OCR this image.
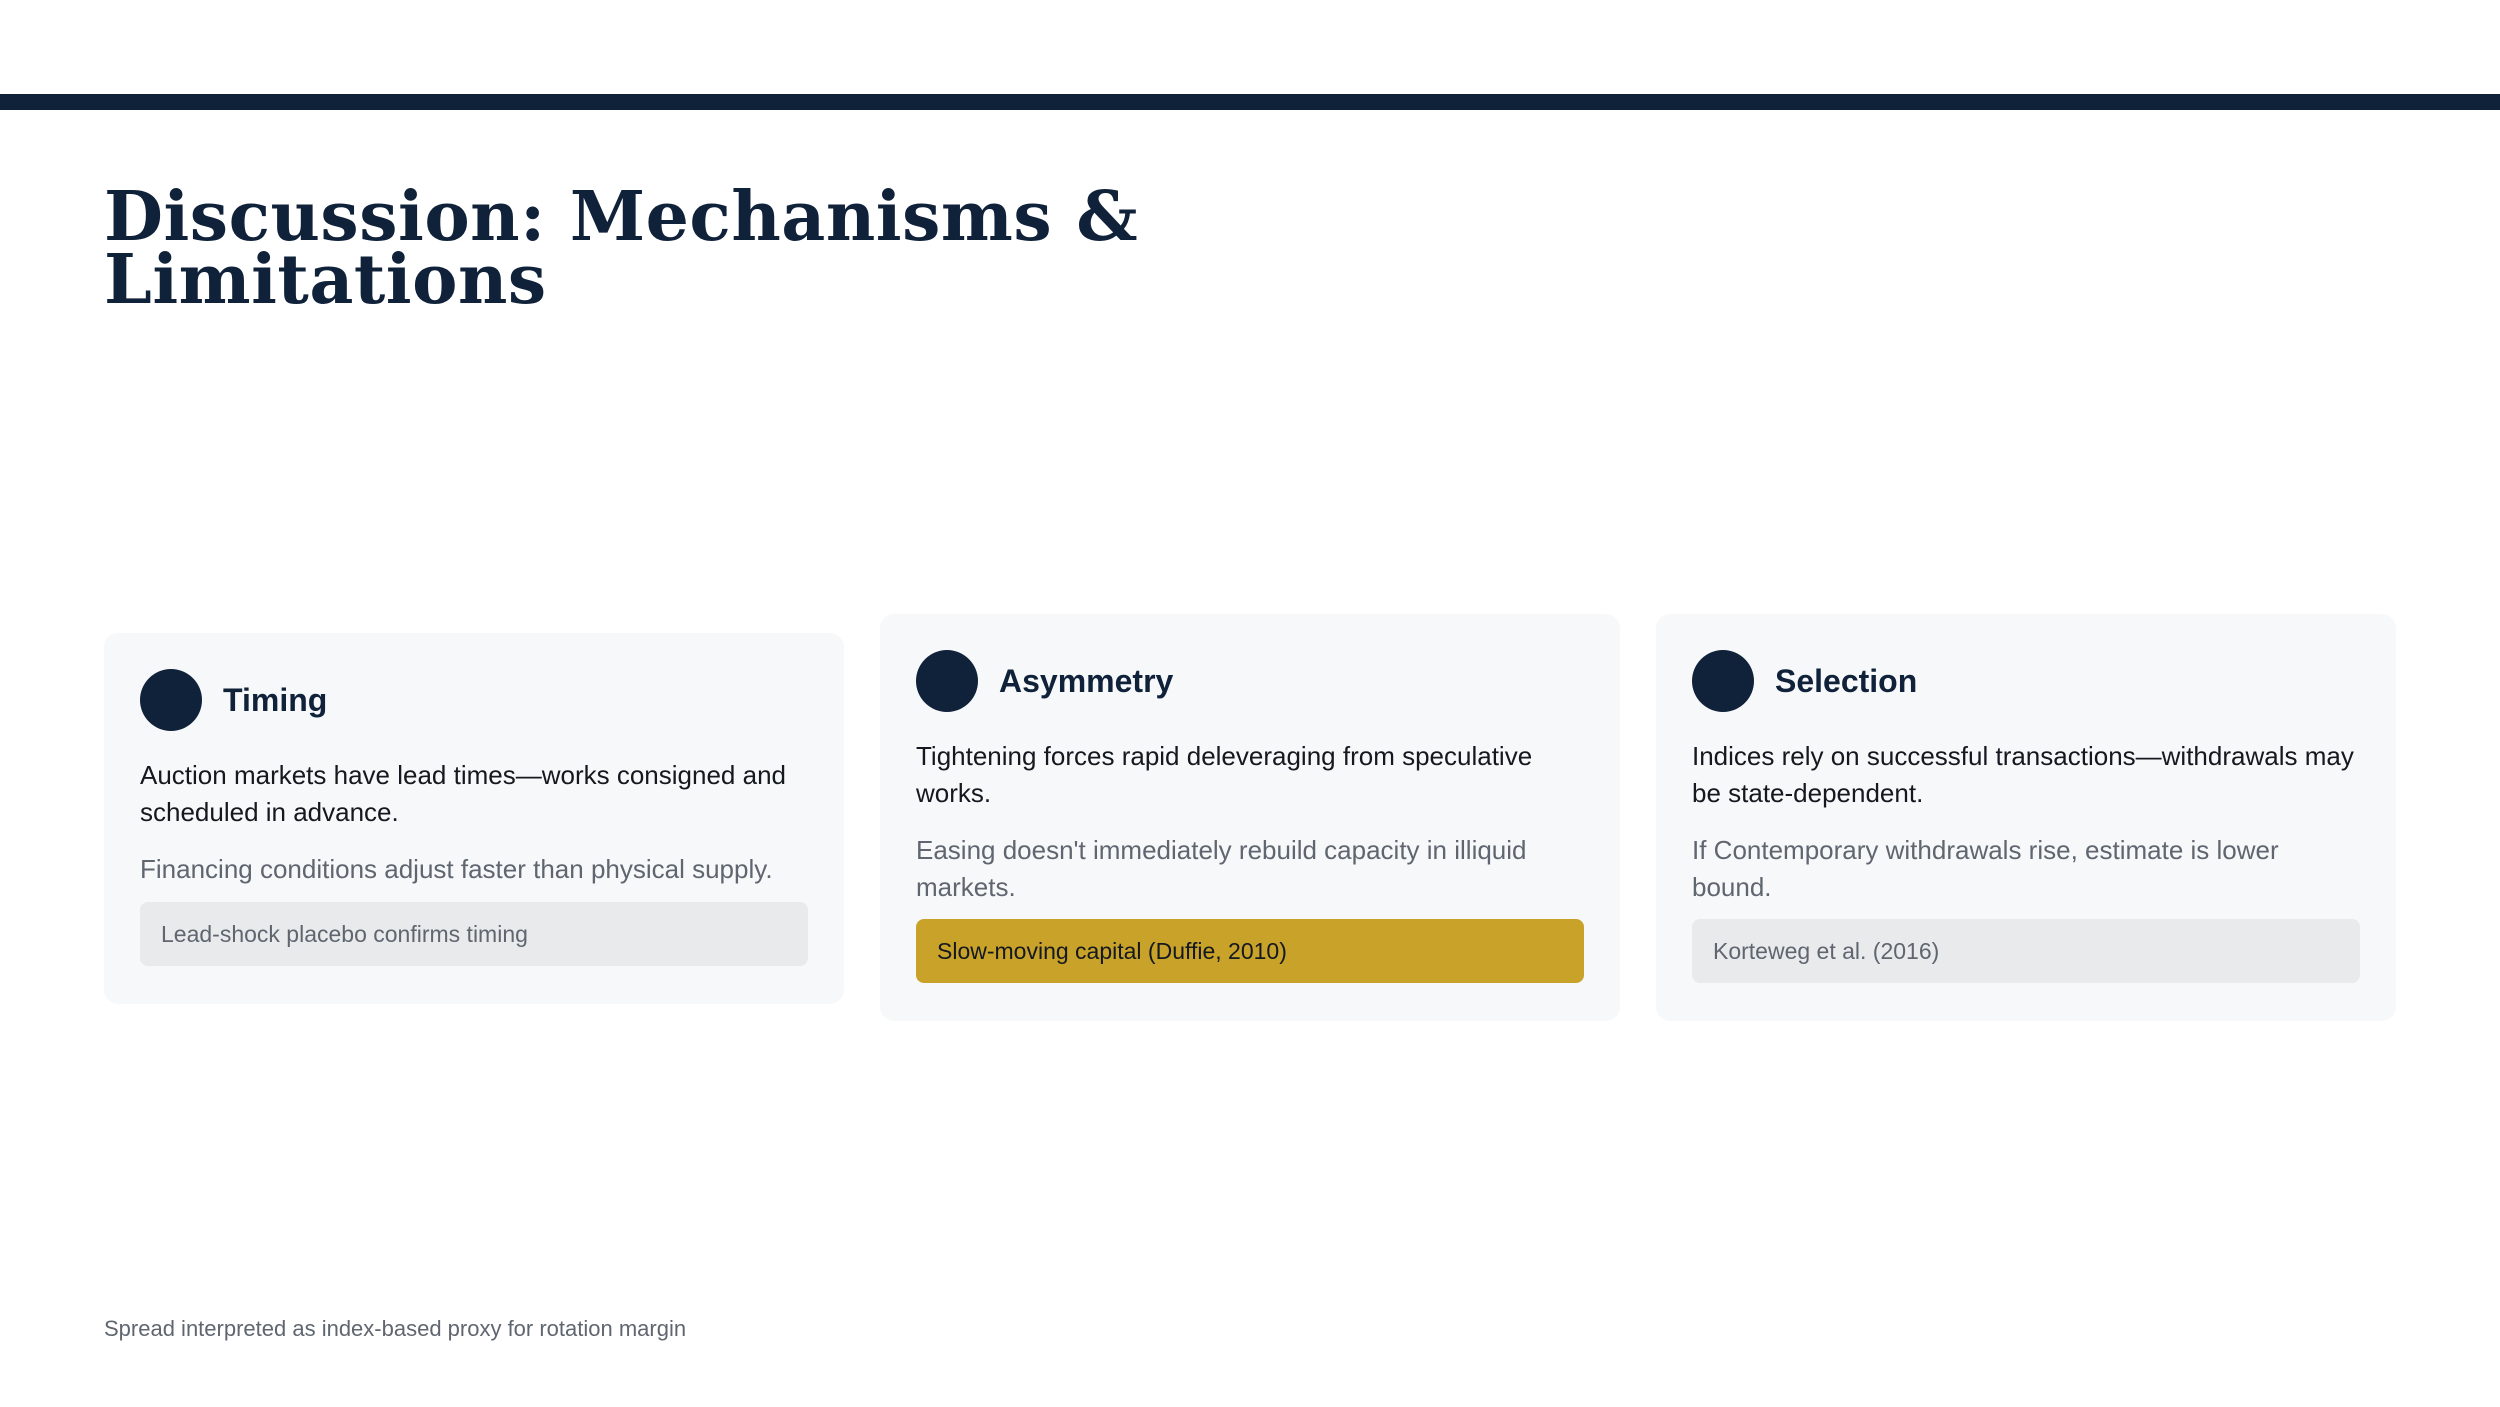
Discussion: Mechanisms & Limitations
Timing
Auction markets have lead times—works consigned and scheduled in advance.
Financing conditions adjust faster than physical supply.
Lead-shock placebo confirms timing
Asymmetry
Tightening forces rapid deleveraging from speculative works.
Easing doesn't immediately rebuild capacity in illiquid markets.
Slow-moving capital (Duffie, 2010)
Selection
Indices rely on successful transactions—withdrawals may be state-dependent.
If Contemporary withdrawals rise, estimate is lower bound.
Korteweg et al. (2016)
Spread interpreted as index-based proxy for rotation margin
